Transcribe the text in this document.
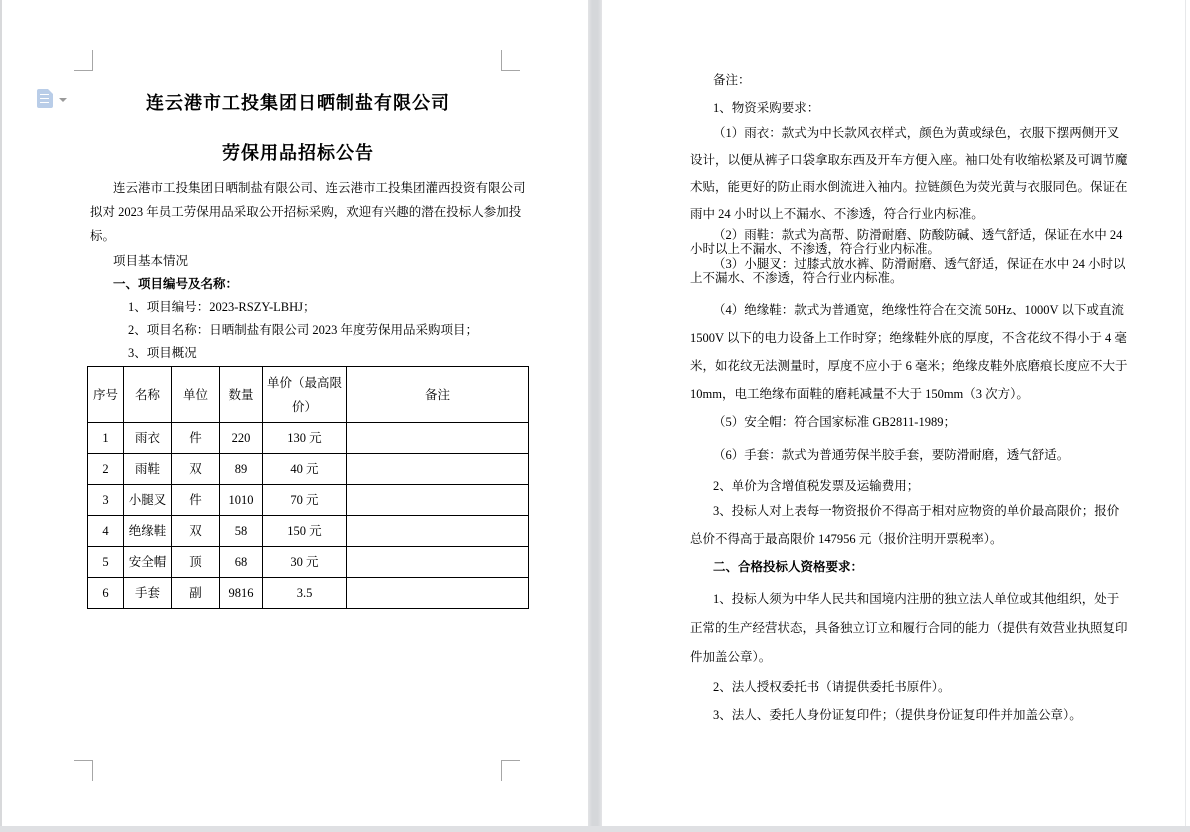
连云港市工投集团日晒制盐有限公司
劳保用品招标公告
连云港市工投集团日晒制盐有限公司、连云港市工投集团灌西投资有限公司
拟对 2023 年员工劳保用品采取公开招标采购，欢迎有兴趣的潜在投标人参加投
标。
项目基本情况
一、项目编号及名称：
1、项目编号：2023-RSZY-LBHJ；
2、项目名称：日晒制盐有限公司 2023 年度劳保用品采购项目；
3、项目概况
序号	名称	单位	数量	单价（最高限价）	备注
1	雨衣	件	220	130 元	
2	雨鞋	双	89	40 元	
3	小腿叉	件	1010	70 元	
4	绝缘鞋	双	58	150 元	
5	安全帽	顶	68	30 元	
6	手套	副	9816	3.5	
备注：
1、物资采购要求：
（1）雨衣：款式为中长款风衣样式，颜色为黄或绿色，衣服下摆两侧开叉
设计，以便从裤子口袋拿取东西及开车方便入座。袖口处有收缩松紧及可调节魔
术贴，能更好的防止雨水倒流进入袖内。拉链颜色为荧光黄与衣服同色。保证在
雨中 24 小时以上不漏水、不渗透，符合行业内标准。
（2）雨鞋：款式为高帮、防滑耐磨、防酸防碱、透气舒适，保证在水中 24
小时以上不漏水、不渗透，符合行业内标准。
（3）小腿叉：过膝式放水裤、防滑耐磨、透气舒适，保证在水中 24 小时以
上不漏水、不渗透，符合行业内标准。
（4）绝缘鞋：款式为普通宽，绝缘性符合在交流 50Hz、1000V 以下或直流
1500V 以下的电力设备上工作时穿；绝缘鞋外底的厚度，不含花纹不得小于 4 毫
米，如花纹无法测量时，厚度不应小于 6 毫米；绝缘皮鞋外底磨痕长度应不大于
10mm，电工绝缘布面鞋的磨耗减量不大于 150mm（3 次方）。
（5）安全帽：符合国家标准 GB2811-1989；
（6）手套：款式为普通劳保半胶手套，要防滑耐磨，透气舒适。
2、单价为含增值税发票及运输费用；
3、投标人对上表每一物资报价不得高于相对应物资的单价最高限价；报价
总价不得高于最高限价 147956 元（报价注明开票税率）。
二、合格投标人资格要求：
1、投标人须为中华人民共和国境内注册的独立法人单位或其他组织，处于
正常的生产经营状态，具备独立订立和履行合同的能力（提供有效营业执照复印
件加盖公章）。
2、法人授权委托书（请提供委托书原件）。
3、法人、委托人身份证复印件；（提供身份证复印件并加盖公章）。
